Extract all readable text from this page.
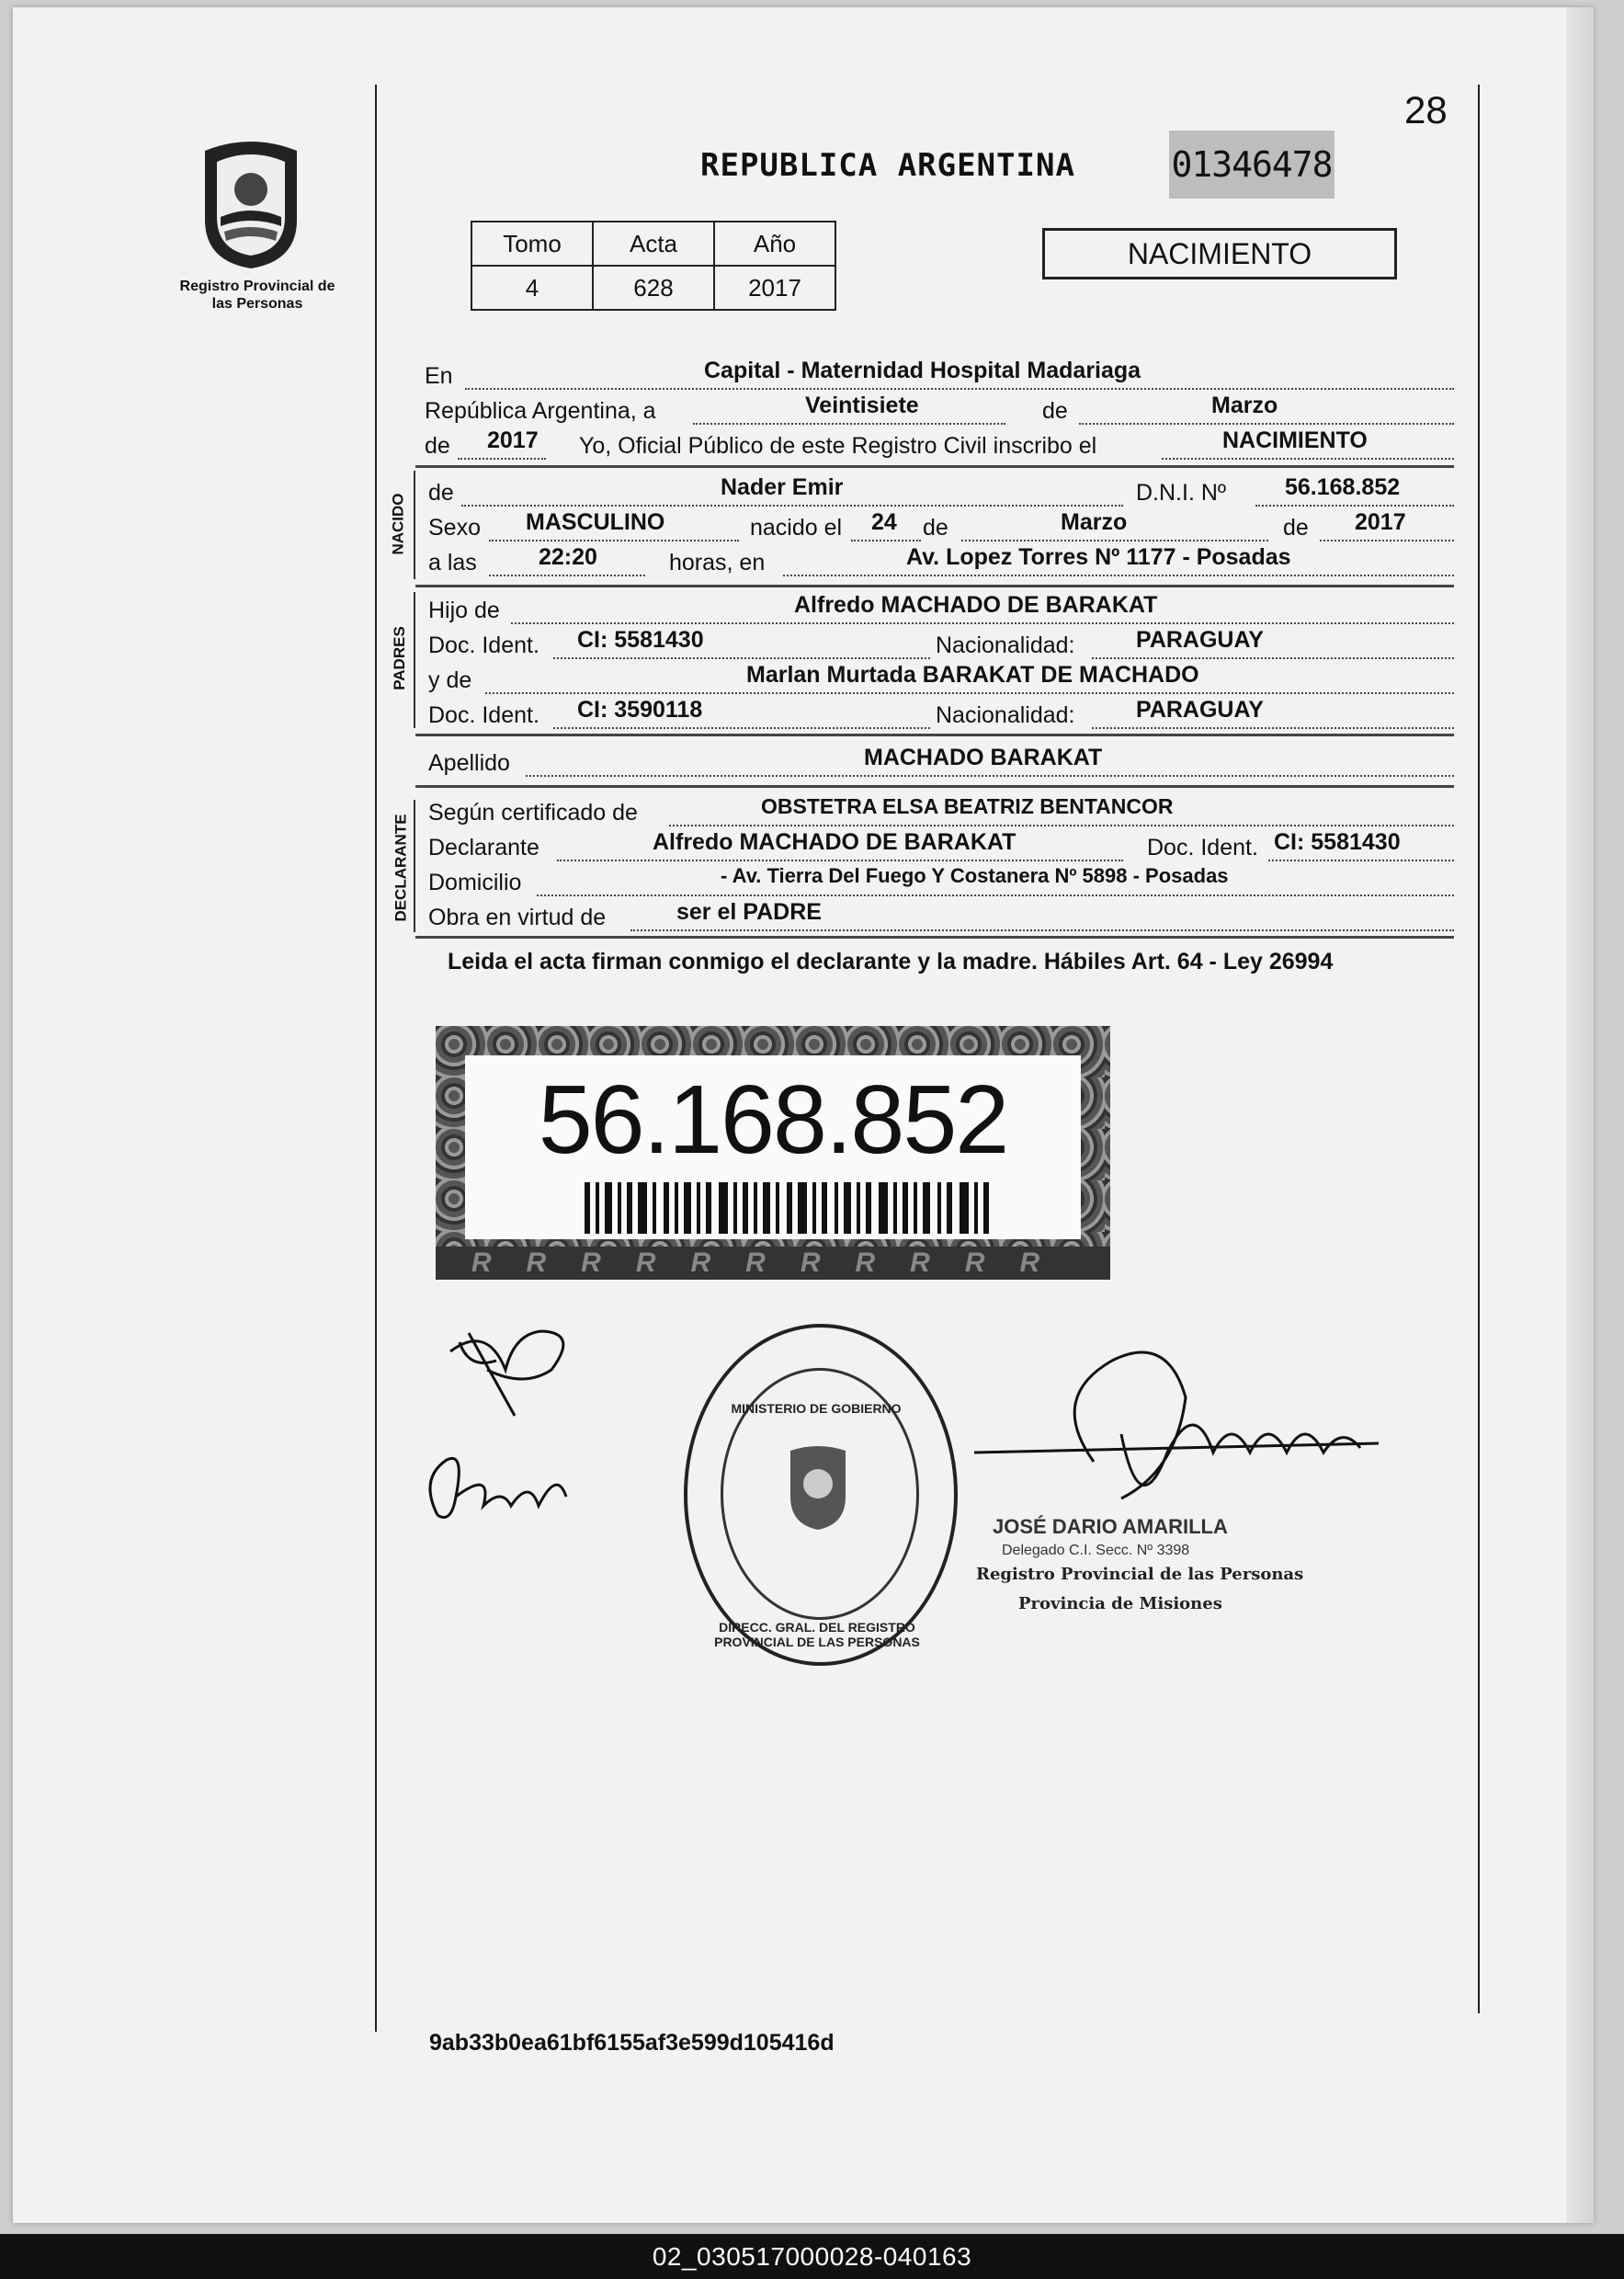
Registro Provincial de las Personas
28
REPUBLICA ARGENTINA	01346478
Tomo	Acta	Año
4	628	2017
NACIMIENTO
En	Capital - Maternidad Hospital Madariaga
República Argentina, a	Veintisiete	de	Marzo
de 2017 Yo, Oficial Público de este Registro Civil inscribo el	NACIMIENTO
NACIDO
de	Nader Emir	D.N.I. Nº	56.168.852
Sexo MASCULINO	nacido el 24 de	Marzo	de 2017
a las	22:20	horas, en	Av. Lopez Torres Nº 1177 - Posadas
PADRES
Hijo de	Alfredo MACHADO DE BARAKAT
Doc. Ident. CI: 5581430	Nacionalidad:	PARAGUAY
y de	Marlan Murtada BARAKAT DE MACHADO
Doc. Ident. CI: 3590118	Nacionalidad:	PARAGUAY
Apellido	MACHADO BARAKAT
DECLARANTE
Según certificado de	OBSTETRA ELSA BEATRIZ BENTANCOR
Declarante	Alfredo MACHADO DE BARAKAT	Doc. Ident. CI: 5581430
Domicilio	- Av. Tierra Del Fuego Y Costanera Nº 5898 - Posadas
Obra en virtud de	ser el PADRE
Leida el acta firman conmigo el declarante y la madre. Hábiles Art. 64 - Ley 26994
56.168.852
RRRRRRRRRRR
DIRECC. GRAL. DEL REGISTRO PROVINCIAL DE LAS PERSONAS
MINISTERIO DE GOBIERNO
JOSÉ DARIO AMARILLA
Delegado C.I. Secc. Nº 3398
Registro Provincial de las Personas
Provincia de Misiones
9ab33b0ea61bf6155af3e599d105416d
02_030517000028-040163
